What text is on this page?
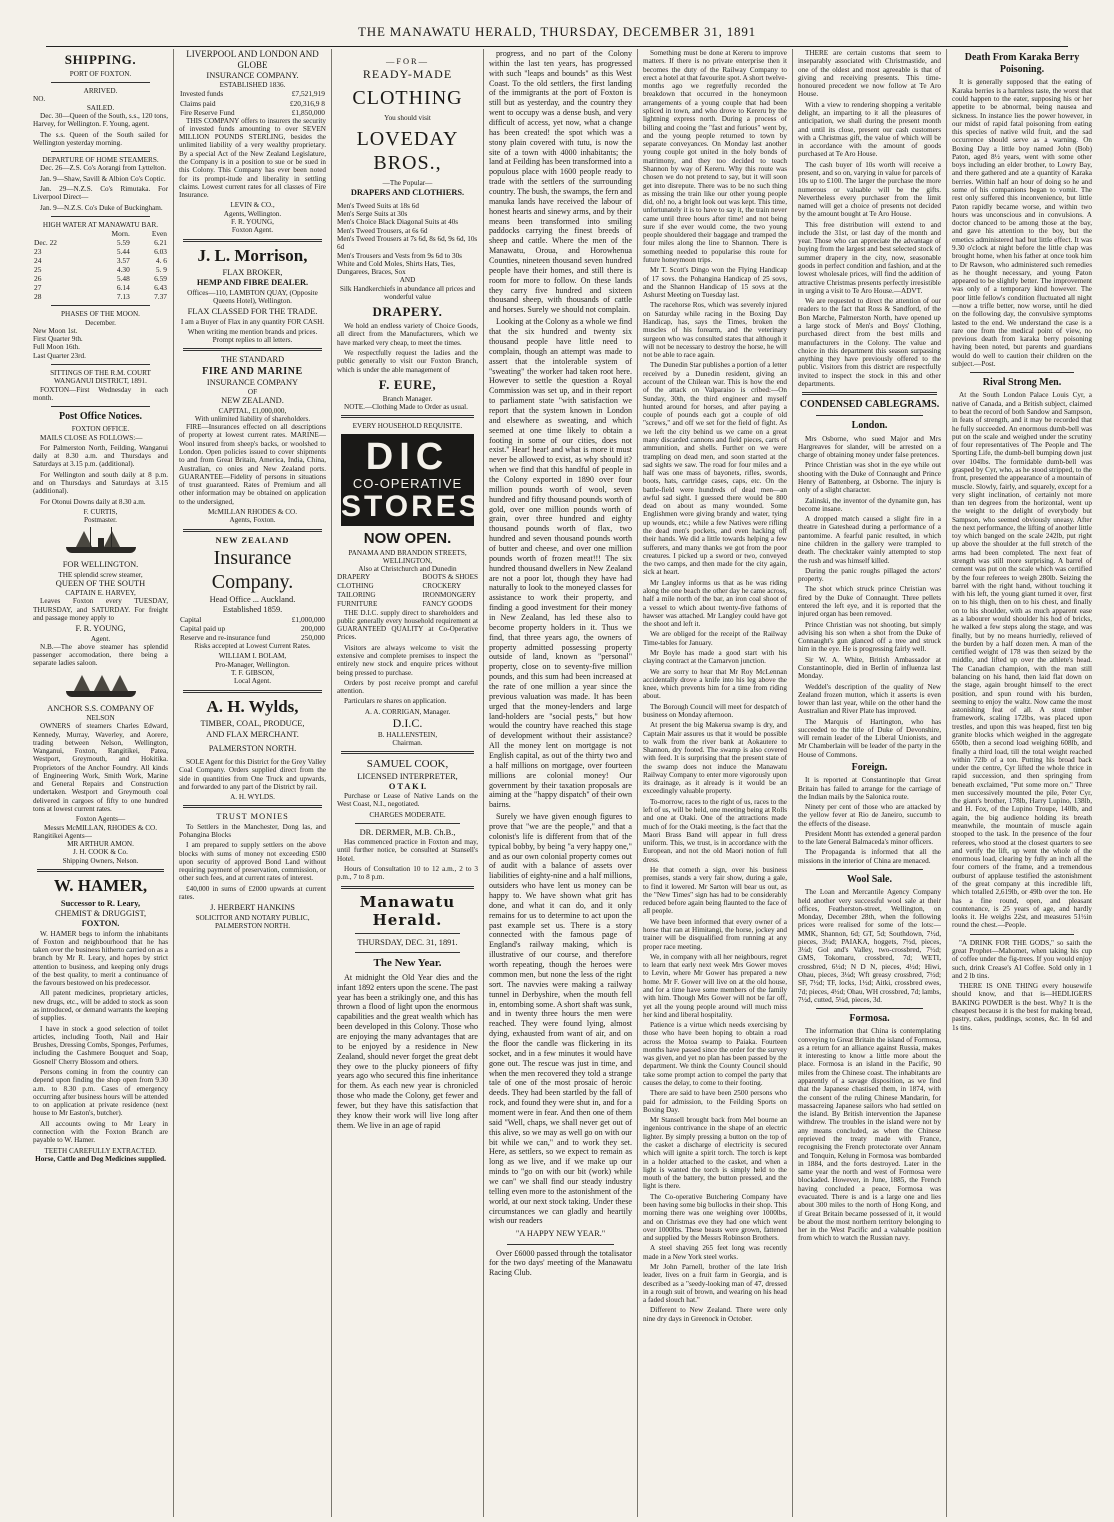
THE MANAWATU HERALD, THURSDAY, DECEMBER 31, 1891
SHIPPING.
PORT OF FOXTON.
ARRIVED.
NO.
SAILED.

Dec. 30—Queen of the South, s.s., 120 tons, Harvey, for Wellington. F. Young, agent.

The s.s. Queen of the South sailed for Wellington yesterday morning.

DEPARTURE OF HOME STEAMERS.

Dec. 26—Z.S. Co's Aorangi from Lyttelton.

Jan. 9—Shaw, Savill & Albion Co's Coptic.

Jan. 29—N.Z.S. Co's Rimutaka. For Liverpool Direct—

Jan. 9—N.Z.S. Co's Duke of Buckingham.

HIGH WATER AT MANAWATU BAR.
	Morn.	Even
Dec. 22	5.59	6.21
23	5.44	6.03
24	3.57	4. 6
25	4.30	5. 9
26	5.48	6.59
27	6.14	6.43
28	7.13	7.37
PHASES OF THE MOON.
December.
New Moon 1st.
First Quarter 9th.
Full Moon 16th.
Last Quarter 23rd.
SITTINGS OF THE R.M. COURT
WANGANUI DISTRICT, 1891.

FOXTON—First Wednesday in each month.

Post Office Notices.
FOXTON OFFICE.

MAILS CLOSE AS FOLLOWS:—

For Palmerston North, Feilding, Wanganui daily at 8.30 a.m. and Thursdays and Saturdays at 3.15 p.m. (additional).

For Wellington and south daily at 8 p.m. and on Thursdays and Saturdays at 3.15 (additional).

For Otonui Downs daily at 8.30 a.m.

F. CURTIS,
Postmaster.
FOR WELLINGTON.
THE splendid screw steamer,
QUEEN OF THE SOUTH
CAPTAIN E. HARVEY,

Leaves Foxton every TUESDAY, THURSDAY, and SATURDAY. For freight and passage money apply to

F. R. YOUNG,
Agent.

N.B.—The above steamer has splendid passenger accomodation, there being a separate ladies saloon.

ANCHOR S.S. COMPANY OF
NELSON

OWNERS of steamers Charles Edward, Kennedy, Murray, Waverley, and Aorere, trading between Nelson, Wellington, Wanganui, Foxton, Rangitikei, Patea, Westport, Greymouth, and Hokitika. Proprietors of the Anchor Foundry. All kinds of Engineering Work, Smith Work, Marine and General Repairs and Construction undertaken. Westport and Greymouth coal delivered in cargoes of fifty to one hundred tons at lowest current rates.

Foxton Agents—
Messrs McMILLAN, RHODES & CO.
Rangitikei Agents—
MR ARTHUR AMON.
J. H. COOK & Co.
Shipping Owners, Nelson.
W. HAMER,
Successor to R. Leary,
CHEMIST & DRUGGIST,
FOXTON.

W. HAMER begs to inform the inhabitants of Foxton and neighbourhood that he has taken over the business hitherto carried on as a branch by Mr R. Leary, and hopes by strict attention to business, and keeping only drugs of the best quality, to merit a continuance of the favours bestowed on his predecessor.

All patent medicines, proprietary articles, new drugs, etc., will be added to stock as soon as introduced, or demand warrants the keeping of supplies.

I have in stock a good selection of toilet articles, including Tooth, Nail and Hair Brushes, Dressing Combs, Sponges, Perfumes, including the Cashmere Bouquet and Soap, Gosnell' Cherry Blossom and others.

Persons coming in from the country can depend upon finding the shop open from 9.30 a.m. to 8.30 p.m. Cases of emergency occurring after business hours will be attended to on application at private residence (next house to Mr Easton's, butcher).

All accounts owing to Mr Leary in connection with the Foxton Branch are payable to W. Hamer.

TEETH CAREFULLY EXTRACTED.
Horse, Cattle and Dog Medicines supplied.
LIVERPOOL AND LONDON AND GLOBE
INSURANCE COMPANY.
ESTABLISHED 1836.
Invested funds	£7,521,919
Claims paid	£20,316,9 8
Fire Reserve Fund	£1,850,000

THIS COMPANY offers to insurers the security of invested funds amounting to over SEVEN MILLION POUNDS STERLING, besides the unlimited liability of a very wealthy proprietary. By a special Act of the New Zealand Legislature, the Company is in a position to sue or be sued in this Colony. This Company has ever been noted for its prompt-itude and liberality in settling claims. Lowest current rates for all classes of Fire Insurance.

LEVIN & CO.,
Agents, Wellington.
F. R. YOUNG,
Foxton Agent.
J. L. Morrison,
FLAX BROKER,
HEMP AND FIBRE DEALER.

Offices—110, LAMBTON QUAY, (Opposite Queens Hotel), Wellington.

FLAX CLASSED FOR THE TRADE.

I am a Buyer of Flax in any quantity FOR CASH.

When writing me mention brands and prices. Prompt replies to all letters.

THE STANDARD
FIRE AND MARINE
INSURANCE COMPANY
OF
NEW ZEALAND.
CAPITAL, £1,000,000,
With unlimited liability of shareholders.

FIRE—Insurances effected on all descriptions of property at lowest current rates. MARINE—Wool insured from sheep's backs, or woolshed to London. Open policies issued to cover shipments to and from Great Britain, America, India, China, Australian, co onies and New Zealand ports. GUARANTEE—Fidelity of persons in situations of trust guaranteed. Rates of Premium and all other information may be obtained on application to the undersigned,

McMILLAN RHODES & CO.
Agents, Foxton.
NEW ZEALAND
Insurance Company.
Head Office ... Auckland.
Established 1859.
Capital	£1,000,000
Capital paid up	200,000
Reserve and re-insurance fund	250,000

Risks accepted at Lowest Current Rates.

WILLIAM I. BOLAM,
Pro-Manager, Wellington.
T. F. GIBSON,
Local Agent.
A. H. Wylds,
TIMBER, COAL, PRODUCE,
AND FLAX MERCHANT.
PALMERSTON NORTH.

SOLE Agent for this District for the Grey Valley Coal Company. Orders supplied direct from the side in quantities from One Truck and upwards, and forwarded to any part of the District by rail.

A. H. WYLDS.
TRUST MONIES

To Settlers in the Manchester, Dong las, and Pohangina Blocks

I am prepared to supply settlers on the above blocks with sums of money not exceeding £500 upon security of approved Bond Land without requiring payment of preservation, commission, or other such fees, and at current rates of interest.

£40,000 in sums of £2000 upwards at current rates.

J. HERBERT HANKINS
SOLICITOR AND NOTARY PUBLIC,
PALMERSTON NORTH.
—FOR—
READY-MADE
CLOTHING
You should visit
LOVEDAY BROS.,
—The Popular—
DRAPERS AND CLOTHIERS.
Men's Tweed Suits at 18s 6d
Men's Serge Suits at 30s
Men's Choice Black Diagonal Suits at 40s
Men's Tweed Trousers, at 6s 6d
Men's Tweed Trousers at 7s 6d, 8s 6d, 9s 6d, 10s 6d
Men's Trousers and Vests from 9s 6d to 30s
White and Cold Moles, Shirts Hats, Ties, Dungarees, Braces, Sox
AND
Silk Handkerchiefs in abundance all prices and wonderful value
DRAPERY.

We hold an endless variety of Choice Goods, all direct from the Manufacturers, which we have marked very cheap, to meet the times.

We respectfully request the ladies and the public generally to visit our Foxton Branch, which is under the able management of

F. EURE,
Branch Manager.

NOTE.—Clothing Made to Order as usual.

EVERY HOUSEHOLD REQUISITE.
DIC
CO-OPERATIVE
STORES
NOW OPEN.
PANAMA AND BRANDON STREETS,
WELLINGTON,
Also at Christchurch and Dunedin
DRAPERY
CLOTHING
TAILORING
FURNITURE
BOOTS & SHOES
CROCKERY
IRONMONGERY
FANCY GOODS

THE D.I.C. supply direct to shareholders and public generally every household requirement at GUARANTEED QUALITY at Co-Operative Prices.

Visitors are always welcome to visit the extensive and complete premises to inspect the entirely new stock and enquire prices without being pressed to purchase.

Orders by post receive prompt and careful attention.

Particulars re shares on application.

A. A. CORRIGAN, Manager.
D.I.C.
B. HALLENSTEIN,
Chairman.
SAMUEL COOK,
LICENSED INTERPRETER,
O T A K I.

Purchase or Lease of Native Lands on the West Coast, N.I., negotiated.

CHARGES MODERATE.
DR. DERMER, M.B. Ch.B.,

Has commenced practice in Foxton and may, until further notice, be consulted at Stansell's Hotel.

Hours of Consultation 10 to 12 a.m., 2 to 3 p.m., 7 to 8 p.m.

Manawatu Herald.
THURSDAY, DEC. 31, 1891.
The New Year.

At midnight the Old Year dies and the infant 1892 enters upon the scene. The past year has been a strikingly one, and this has thrown a flood of light upon the enormous capabilities and the great wealth which has been developed in this Colony. Those who are enjoying the many advantages that are to be enjoyed by a residence in New Zealand, should never forget the great debt they owe to the plucky pioneers of fifty years ago who secured this fine inheritance for them. As each new year is chronicled those who made the Colony, get fewer and fewer, but they have this satisfaction that they know their work will live long after them. We live in an age of rapid

progress, and no part of the Colony within the last ten years, has progressed with such "leaps and bounds" as this West Coast. To the old settlers, the first landing of the immigrants at the port of Foxton is still but as yesterday, and the country they went to occupy was a dense bush, and very difficult of access, yet now, what a change has been created! the spot which was a stony plain covered with tutu, is now the site of a town with 4000 inhabitants; the land at Feilding has been transformed into a populous place with 1600 people ready to trade with the settlers of the surrounding country. The bush, the swamps, the fern and manuka lands have received the labour of honest hearts and sinewy arms, and by their means been transformed into smiling paddocks carrying the finest breeds of sheep and cattle. Where the men of the Manawatu, Oroua, and Horowhenua Counties, nineteen thousand seven hundred people have their homes, and still there is room for more to follow. On these lands they carry five hundred and sixteen thousand sheep, with thousands of cattle and horses. Surely we should not complain.

Looking at the Colony as a whole we find that the six hundred and twenty six thousand people have little need to complain, though an attempt was made to assert that the intolerable system of "sweating" the worker had taken root here. However to settle the question a Royal Commission was set up, and in their report to parliament state "with satisfaction we report that the system known in London and elsewhere as sweating, and which seemed at one time likely to obtain a footing in some of our cities, does not exist." Hear! hear! and what is more it must never be allowed to exist, as why should it? when we find that this handful of people in the Colony exported in 1890 over four million pounds worth of wool, seven hundred and fifty thousand pounds worth of gold, over one million pounds worth of grain, over three hundred and eighty thousand pounds worth of flax, two hundred and seven thousand pounds worth of butter and cheese, and over one million pounds worth of frozen meat!!! The six hundred thousand dwellers in New Zealand are not a poor lot, though they have had naturally to look to the moneyed classes for assistance to work their property, and finding a good investment for their money in New Zealand, has led these also to become property holders in it. Thus we find, that three years ago, the owners of property admitted possessing property outside of land, known as "personal" property, close on to seventy-five million pounds, and this sum had been increased at the rate of one million a year since the previous valuation was made. It has been urged that the money-lenders and large land-holders are "social pests," but how would the country have reached this stage of development without their assistance? All the money lent on mortgage is not English capital, as out of the thirty two and a half millions on mortgage, over fourteen millions are colonial money! Our government by their taxation proposals are aiming at the "happy dispatch" of their own bairns.

Surely we have given enough figures to prove that "we are the people," and that a colonist's life is different from that of the typical bobby, by being "a very happy one," and as our own colonial property comes out of audit with a balance of assets over liabilities of eighty-nine and a half millions, outsiders who have lent us money can be happy to. We have shown what grit has done, and what it can do, and it only remains for us to determine to act upon the past example set us. There is a story connected with the famous page of England's railway making, which is illustrative of our course, and therefore worth repeating, though the heroes were common men, but none the less of the right sort. The navvies were making a railway tunnel in Derbyshire, when the mouth fell in, entombing some. A short shaft was sunk, and in twenty three hours the men were reached. They were found lying, almost dying, exhausted from want of air, and on the floor the candle was flickering in its socket, and in a few minutes it would have gone out. The rescue was just in time, and when the men recovered they told a strange tale of one of the most prosaic of heroic deeds. They had been startled by the fall of rock, and found they were shut in, and for a moment were in fear. And then one of them said "Well, chaps, we shall never get out of this alive, so we may as well go on with our bit while we can," and to work they set. Here, as settlers, so we expect to remain as long as we live, and if we make up our minds to "go on with our bit (work) while we can" we shall find our steady industry telling even more to the astonishment of the world, at our next stock taking. Under these circumstances we can gladly and heartily wish our readers

"A HAPPY NEW YEAR."

Over £6000 passed through the totalisator for the two days' meeting of the Manawatu Racing Club.

Something must be done at Kereru to improve matters. If there is no private enterprise then it becomes the duty of the Railway Company to erect a hotel at that favourite spot. A short twelve-months ago we regretfully recorded the breakdown that occurred in the honeymoon arrangements of a young couple that had been spliced in town, and who drove to Kereru by the lightning express north. During a process of billing and cooing the "fast and furious" went by, and the young people returned to town by separate conveyances. On Monday last another young couple got united in the holy bonds of matrimony, and they too decided to teach Shannon by way of Kereru. Why this route was chosen we do not pretend to say, but it will soon get into disrepute. There was to be no such thing as missing the train like our other young people did, oh! no, a bright look out was kept. This time, unfortunately it is to have to say it, the train never came until three hours after time! and not being sure if she ever would come, the two young people shouldered their baggage and tramped the four miles along the line to Shannon. There is something needed to popularise this route for future honeymoon trips.

Mr T. Scott's Dingo won the Flying Handicap of 17 sovs. the Pohangina Handicap of 25 sovs, and the Shannon Handicap of 15 sovs at the Ashurst Meeting on Tuesday last.

The racehorse Ros, which was severely injured on Saturday while racing in the Boxing Day Handicap, has, says the Times, broken the muscles of his forearm, and the veterinary surgeon who was consulted states that although it will not be necessary to destroy the horse, he will not be able to race again.

The Dunedin Star publishes a portion of a letter received by a Dunedin resident, giving an account of the Chilean war. This is how the end of the attack on Valparaiso is cribed:—On Sunday, 30th, the third engineer and myself hunted around for horses, and after paying a couple of pounds each got a couple of old "screws," and off we set for the field of fight. As we left the city behind us we came on a great many discarded cannons and field pieces, carts of ammunition, and shells. Further on we were trampling on dead men, and soon started at the sad sights we saw. The road for four miles and a half was one mass of bayonets, rifles, swords, boots, hats, cartridge cases, caps, etc. On the battle-field were hundreds of dead men—an awful sad sight. I guessed there would be 800 dead on about as many wounded. Some Englishmen were giving brandy and water, tying up wounds, etc.; while a few Natives were rifling the dead men's pockets, and even hacking off their hands. We did a little towards helping a few sufferers, and many thanks we got from the poor creatures. I picked up a sword or two, conveyed the two camps, and then made for the city again, sick at heart.

Mr Langley informs us that as he was riding along the one beach the other day he came across, half a mile north of the bar, an iron coal shoot of a vessel to which about twenty-five fathoms of hawser was attached. Mr Langley could have got the shoot and left it.

We are obliged for the receipt of the Railway Time-tables for January.

Mr Boyle has made a good start with his claying contract at the Carnarvon junction.

We are sorry to hear that Mr Roy McLennan accidentally drove a knife into his leg above the knee, which prevents him for a time from riding about.

The Borough Council will meet for despatch of business on Monday afternoon.

At present the big Makerua swamp is dry, and Captain Mair assures us that it would be possible to walk from the river bank at Aokautere to Shannon, dry footed. The swamp is also covered with feed. It is surprising that the present state of the swamp does not induce the Manawatu Railway Company to enter more vigorously upon its drainage, as it already is it would be an exceedingly valuable property.

To-morrow, races to the right of us, races to the left of us, will be held, one meeting being at Rolls and one at Otaki. One of the attractions made much of for the Otaki meeting, is the fact that the Maori Brass Band will appear in full dress uniform. This, we trust, is in accordance with the European, and not the old Maori notion of full dress.

He that cometh a sign, over his business premises, stands a very fair show, during a gale, to find it lowered. Mr Sarton will bear us out, as the "New Times" sign has had to be considerably reduced before again being flaunted to the face of all people.

We have been informed that every owner of a horse that ran at Himitangi, the horse, jockey and trainer will be disqualified from running at any proper race meeting.

We, in company with all her neighbours, regret to learn that early next week Mrs Gower moves to Levin, where Mr Gower has prepared a new home. Mr F. Gower will live on at the old house, and for a time have some members of the family with him. Though Mrs Gower will not be far off, yet all the young people around will much miss her kind and liberal hospitality.

Patience is a virtue which needs exercising by those who have been hoping to obtain a road across the Motoa swamp to Paiaka. Fourteen months have passed since the order for the survey was given, and yet no plan has been passed by the department. We think the County Council should take some prompt action to compel the party that causes the delay, to come to their footing.

There are said to have been 2500 persons who paid for admission, to the Feilding Sports on Boxing Day.

Mr Stansell brought back from Mel bourne an ingenious contrivance in the shape of an electric lighter. By simply pressing a button on the top of the casket a discharge of electricity is secured which will ignite a spirit torch. The torch is kept in a holder attached to the casket, and when a light is wanted the torch is simply held to the mouth of the battery, the button pressed, and the light is there.

The Co-operative Butchering Company have been having some big bullocks in their shop. This morning there was one weighing over 1000lbs, and on Christmas eve they had one which went over 1000lbs. These beasts were grown, fattened and supplied by the Messrs Robinson Brothers.

A steel shaving 265 feet long was recently made in a New York steel works.

Mr John Parnell, brother of the late Irish leader, lives on a fruit farm in Georgia, and is described as a "seedy-looking man of 47, dressed in a rough suit of brown, and wearing on his head a faded slouch hat."

Different to New Zealand. There were only nine dry days in Greenock in October.

THERE are certain customs that seem to inseparably associated with Christmastide, and one of the oldest and most agreeable is that of giving and receiving presents. This time-honoured precedent we now follow at Te Aro House.

With a view to rendering shopping a veritable delight, an imparting to it all the pleasures of anticipation, we shall during the present month and until its close, present our cash customers with a Christmas gift, the value of which will be in accordance with the amount of goods purchased at Te Aro House.

The cash buyer of 10s worth will receive a present, and so on, varying in value for parcels of 10s up to £100. The larger the purchase the more numerous or valuable will be the gifts. Nevertheless every purchaser from the limit named will get a choice of presents not decided by the amount bought at Te Aro House.

This free distribution will extend to and include the 31st, or last day of the month and year. Those who can appreciate the advantage of buying from the largest and best selected stock of summer drapery in the city, now, seasonable goods in perfect condition and fashion, and at the lowest wholesale prices, will find the addition of attractive Christmas presents perfectly irresistible in urging a visit to Te Aro House.—ADVT.

We are requested to direct the attention of our readers to the fact that Ross & Sandford, of the Bon Marche, Palmerston North, have opened up a large stock of Men's and Boys' Clothing, purchased direct from the best mills and manufacturers in the Colony. The value and choice in this department this season surpassing anything they have previously offered to the public. Visitors from this district are respectfully invited to inspect the stock in this and other departments.

CONDENSED CABLEGRAMS.
London.

Mrs Osborne, who sued Major and Mrs Hargreaves for slander, will be arrested on a charge of obtaining money under false pretences.

Prince Christian was shot in the eye while out shooting with the Duke of Connaught and Prince Henry of Battenberg, at Osborne. The injury is only of a slight character.

Zalinski, the inventor of the dynamite gun, has become insane.

A dropped match caused a slight fire in a theatre in Gateshead during a performance of a pantomime. A fearful panic resulted, in which nine children in the gallery were trampled to death. The checktaker vainly attempted to stop the rush and was himself killed.

During the panic roughs pillaged the actors' property.

The shot which struck prince Christian was fired by the Duke of Connaught. Three pellets entered the left eye, and it is reported that the injured organ has been removed.

Prince Christian was not shooting, but simply advising his son when a shot from the Duke of Connaught's gun glanced off a tree and struck him in the eye. He is progressing fairly well.

Sir W. A. White, British Ambassador at Constantinople, died in Berlin of influenza last Monday.

Weddel's description of the quality of New Zealand frozen mutton, which it asserts is even lower than last year, while on the other hand the Australian and River Plate has improved.

The Marquis of Hartington, who has succeeded to the title of Duke of Devonshire, will remain leader of the Liberal Unionists, and Mr Chamberlain will be leader of the party in the House of Commons.

Foreign.

It is reported at Constantinople that Great Britain has failed to arrange for the carriage of the Indian mails by the Salonica route.

Ninety per cent of those who are attacked by the yellow fever at Rio de Janeiro, succumb to the effects of the disease.

President Montt has extended a general pardon to the late General Balmaceda's minor officers.

The Propaganda is informed that all the missions in the interior of China are menaced.

Wool Sale.

The Loan and Mercantile Agency Company held another very successful wool sale at their offices, Featherston-street, Wellington, on Monday, December 28th, when the following prices were realised for some of the lots:—MMK, Shannon, 6d; GT, 5d; Southdown, 7½d, pieces, 3¼d; PAIAKA, hoggets, 7½d, pieces, 3¼d; Gol and's Valley, two-crossbred, 7½d; GMS, Tokomaru, crossbred, 7d; WETI, crossbred, 6½d; N D N, pieces, 4½d; Hiwi, Ohau, pieces, 3¼d; Wft greasy crossbred, 7½d; SF, 7½d; TF, locks, 1½d; Aitki, crossbred ewes, 7d; pieces, 4½d; Ohau, WH crossbred, 7d; lambs, 7½d, cutted, 5¼d, pieces, 3d.

Formosa.

The information that China is contemplating conveying to Great Britain the island of Formosa, as a return for an alliance against Russia, makes it interesting to know a little more about the place. Formosa is an island in the Pacific, 90 miles from the Chinese coast. The inhabitants are apparently of a savage disposition, as we find that the Japanese chastised them, in 1874, with the consent of the ruling Chinese Mandarin, for massacreing Japanese sailors who had settled on the island. By British intervention the Japanese withdrew. The troubles in the island were not by any means concluded, as when the Chinese reprieved the treaty made with France, recognising the French protectorate over Annam and Tonquin, Kelung in Formosa was bombarded in 1884, and the forts destroyed. Later in the same year the north and west of Formosa were blockaded. However, in June, 1885, the French having concluded a peace, Formosa was evacuated. There is and is a large one and lies about 300 miles to the north of Hong Kong, and if Great Britain became possessed of it, it would be about the most northern territory belonging to her in the West Pacific and a valuable position from which to watch the Russian navy.

Death From Karaka Berry Poisoning.

It is generally supposed that the eating of Karaka berries is a harmless taste, the worst that could happen to the eater, supposing his or her appetite to be abnormal, being nausea and sickness. In instance lies the power however, in our midst of rapid fatal poisoning from eating this species of native wild fruit, and the sad occurrence should serve as a warning. On Boxing Day a little boy named John (Bob) Paton, aged 8½ years, went with some other boys including an elder brother, to Lowry Bay, and there gathered and ate a quantity of Karaka berries. Within half an hour of doing so he and some of his companions began to vomit. The rest only suffered this inconvenience, but little Paton rapidly became worse, and within two hours was unconscious and in convulsions. A doctor chanced to be among those at the bay, and gave his attention to the boy, but the emetics administered had but little effect. It was 9.30 o'clock at night before the little chap was brought home, when his father at once took him to Dr Rawson, who administered such remedies as he thought necessary, and young Paton appeared to be slightly better. The improvement was only of a temporary kind however. The poor little fellow's condition fluctuated all night—now a trifle better, now worse, until he died on the following day, the convulsive symptoms lasted to the end. We understand the case is a rare one from the medical point of view, no previous death from karaka berry poisoning having been noted, but parents and guardians would do well to caution their children on the subject.—Post.

Rival Strong Men.

At the South London Palace Louis Cyr, a native of Canada, and a British subject, claimed to beat the record of both Sandow and Sampson, in feats of strength, and it may be recorded that he fully succeeded. An enormous dumb-bell was put on the scale and weighed under the scrutiny of four representatives of The People and The Sporting Life, the dumb-bell bumping down just over 104lbs. The formidable dumb-bell was grasped by Cyr, who, as he stood stripped, to the front, presented the appearance of a mountain of muscle. Slowly, fairly, and squarely, except for a very slight inclination, of certainly not more than ten degrees from the horizontal, went up the weight to the delight of everybody but Sampson, who seemed obviously uneasy. After the next performance, the lifting of another little toy which banged on the scale 242lb, put right up above the shoulder at the full stretch of the arms had been completed. The next feat of strength was still more surprising. A barrel of cement was put on the scale which was certified by the four referees to weigh 280lb. Seizing the barrel with the right hand, without touching it with his left, the young giant turned it over, first on to his thigh, then on to his chest, and finally on to his shoulder, with as much apparent ease as a labourer would shoulder his hod of bricks, he walked a few steps along the stage, and was finally, but by no means hurriedly, relieved of the burden by a half dozen men. A man of the certified weight of 178 was then seized by the middle, and lifted up over the athlete's head. The Canadian champion, with the man still balancing on his hand, then laid flat down on the stage, again brought himself to the erect position, and spun round with his burden, seeming to enjoy the waltz. Now came the most astonishing feat of all. A stout timber framework, scaling 172lbs, was placed upon trestles, and upon this was heaped, first ten big granite blocks which weighed in the aggregate 650lb, then a second load weighing 608lb, and finally a third load, till the total weight reached within 72lb of a ton. Putting his broad back under the centre, Cyr lifted the whole thrice in rapid succession, and then springing from beneath exclaimed, "Put some more on." Three men successively mounted the pile, Peter Cyr, the giant's brother, 178lb, Harry Lupino, 138lb, and H. Fox, of the Lupino Troupe, 140lb, and again, the big audience holding its breath meanwhile, the mountain of muscle again stooped to the task. In the presence of the four referees, who stood at the closest quarters to see and verify the lift, up went the whole of the enormous load, clearing by fully an inch all the four corners of the frame, and a tremendous outburst of applause testified the astonishment of the great company at this incredible lift, which totalled 2,619lb, or 49lb over the ton. He has a fine round, open, and pleasant countenance, is 25 years of age, and hardly looks it. He weighs 22st, and measures 51½in round the chest.—People.

"A DRINK FOR THE GODS," so saith the great Prophet—Mahomet, when taking his cup of coffee under the fig-trees. If you would enjoy such, drink Crease's AI Coffee. Sold only in 1 and 2 lb tins.

THERE IS ONE THING every housewife should know, and that is—HEDLIGERS BAKING POWDER is the best. Why? It is the cheapest because it is the best for making bread, pastry, cakes, puddings, scones, &c. In 6d and 1s tins.
